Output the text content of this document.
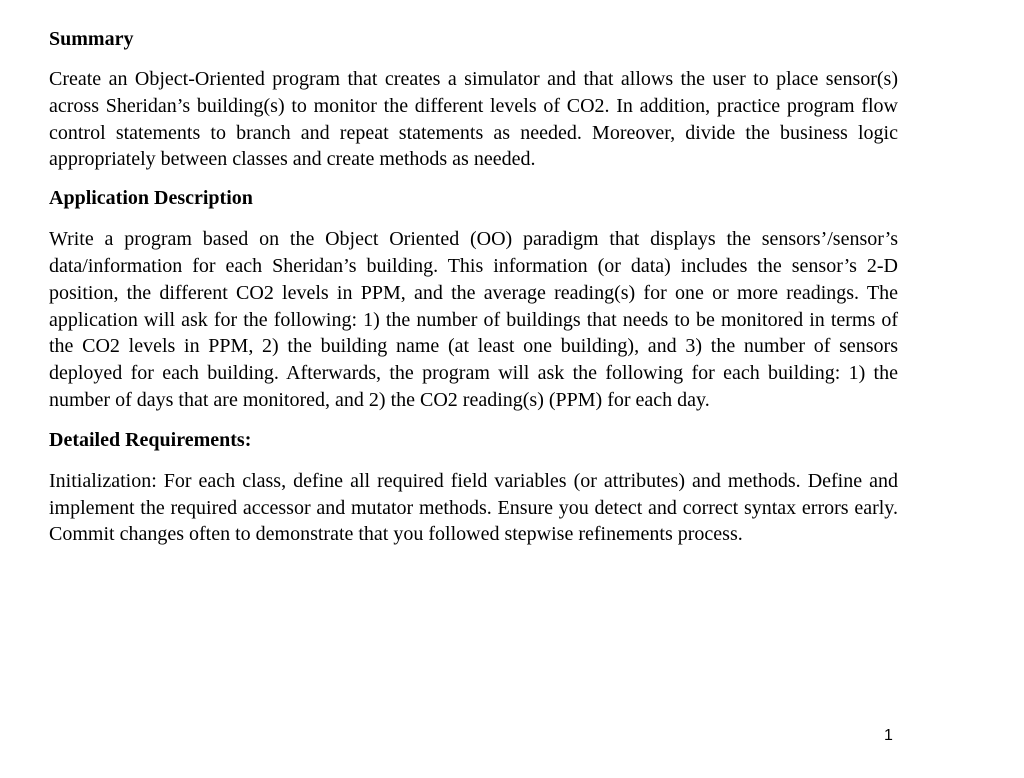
Summary

Create an Object-Oriented program that creates a simulator and that allows the user to place sensor(s) across Sheridan’s building(s) to monitor the different levels of CO2. In addition, practice program flow control statements to branch and repeat statements as needed. Moreover, divide the business logic appropriately between classes and create methods as needed.

Application Description

Write a program based on the Object Oriented (OO) paradigm that displays the sensors’/sensor’s data/information for each Sheridan’s building. This information (or data) includes the sensor’s 2-D position, the different CO2 levels in PPM, and the average reading(s) for one or more readings. The application will ask for the following: 1) the number of buildings that needs to be monitored in terms of the CO2 levels in PPM, 2) the building name (at least one building), and 3) the number of sensors deployed for each building. Afterwards, the program will ask the following for each building: 1) the number of days that are monitored, and 2) the CO2 reading(s) (PPM) for each day.

Detailed Requirements:

Initialization: For each class, define all required field variables (or attributes) and methods. Define and implement the required accessor and mutator methods. Ensure you detect and correct syntax errors early. Commit changes often to demonstrate that you followed stepwise refinements process.

1
